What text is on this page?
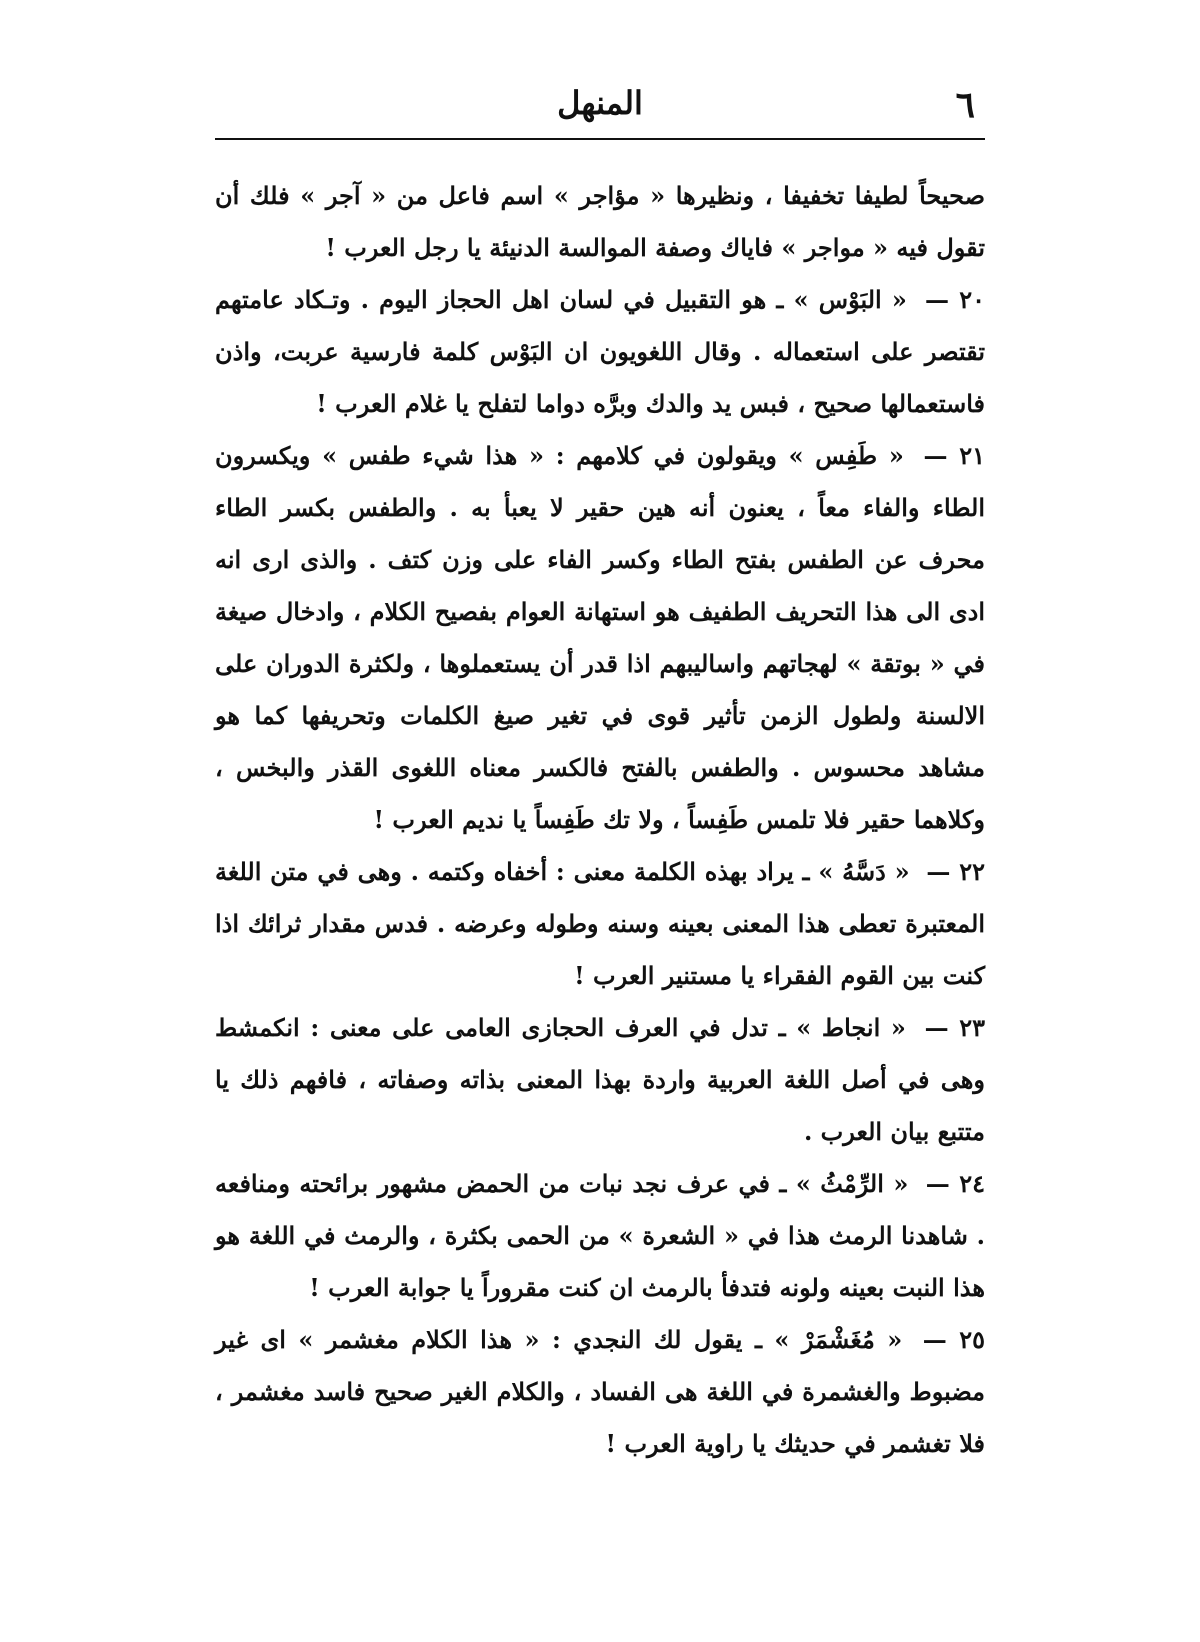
٦
المنهل

صحيحاً لطيفا تخفيفا ، ونظيرها « مؤاجر » اسم فاعل من « آجر » فلك أن تقول فيه « مواجر » فاياك وصفة الموالسة الدنيئة يا رجل العرب !

٢٠ — « البَوْس » ـ هو التقبيل في لسان اهل الحجاز اليوم . وتـكاد عامتهم تقتصر على استعماله . وقال اللغويون ان البَوْس كلمة فارسية عربت، واذن فاستعمالها صحيح ، فبس يد والدك وبرَّه دواما لتفلح يا غلام العرب !

٢١ — « طَفِس » ويقولون في كلامهم : « هذا شيء طفس » ويكسرون الطاء والفاء معاً ، يعنون أنه هين حقير لا يعبأ به . والطفس بكسر الطاء محرف عن الطفس بفتح الطاء وكسر الفاء على وزن كتف . والذى ارى انه ادى الى هذا التحريف الطفيف هو استهانة العوام بفصيح الكلام ، وادخال صيغة في « بوتقة » لهجاتهم واساليبهم اذا قدر أن يستعملوها ، ولكثرة الدوران على الالسنة ولطول الزمن تأثير قوى في تغير صيغ الكلمات وتحريفها كما هو مشاهد محسوس . والطفس بالفتح فالكسر معناه اللغوى القذر والبخس ، وكلاهما حقير فلا تلمس طَفِساً ، ولا تك طَفِساً يا نديم العرب !

٢٢ — « دَسَّهُ » ـ يراد بهذه الكلمة معنى : أخفاه وكتمه . وهى في متن اللغة المعتبرة تعطى هذا المعنى بعينه وسنه وطوله وعرضه . فدس مقدار ثرائك اذا كنت بين القوم الفقراء يا مستنير العرب !

٢٣ — « انجاط » ـ تدل في العرف الحجازى العامى على معنى : انكمشط وهى في أصل اللغة العربية واردة بهذا المعنى بذاته وصفاته ، فافهم ذلك يا متتبع بيان العرب .

٢٤ — « الرِّمْثُ » ـ في عرف نجد نبات من الحمض مشهور برائحته ومنافعه . شاهدنا الرمث هذا في « الشعرة » من الحمى بكثرة ، والرمث في اللغة هو هذا النبت بعينه ولونه فتدفأ بالرمث ان كنت مقروراً يا جوابة العرب !

٢٥ — « مُغَشْمَرْ » ـ يقول لك النجدي : « هذا الكلام مغشمر » اى غير مضبوط والغشمرة في اللغة هى الفساد ، والكلام الغير صحيح فاسد مغشمر ، فلا تغشمر في حديثك يا راوية العرب !
